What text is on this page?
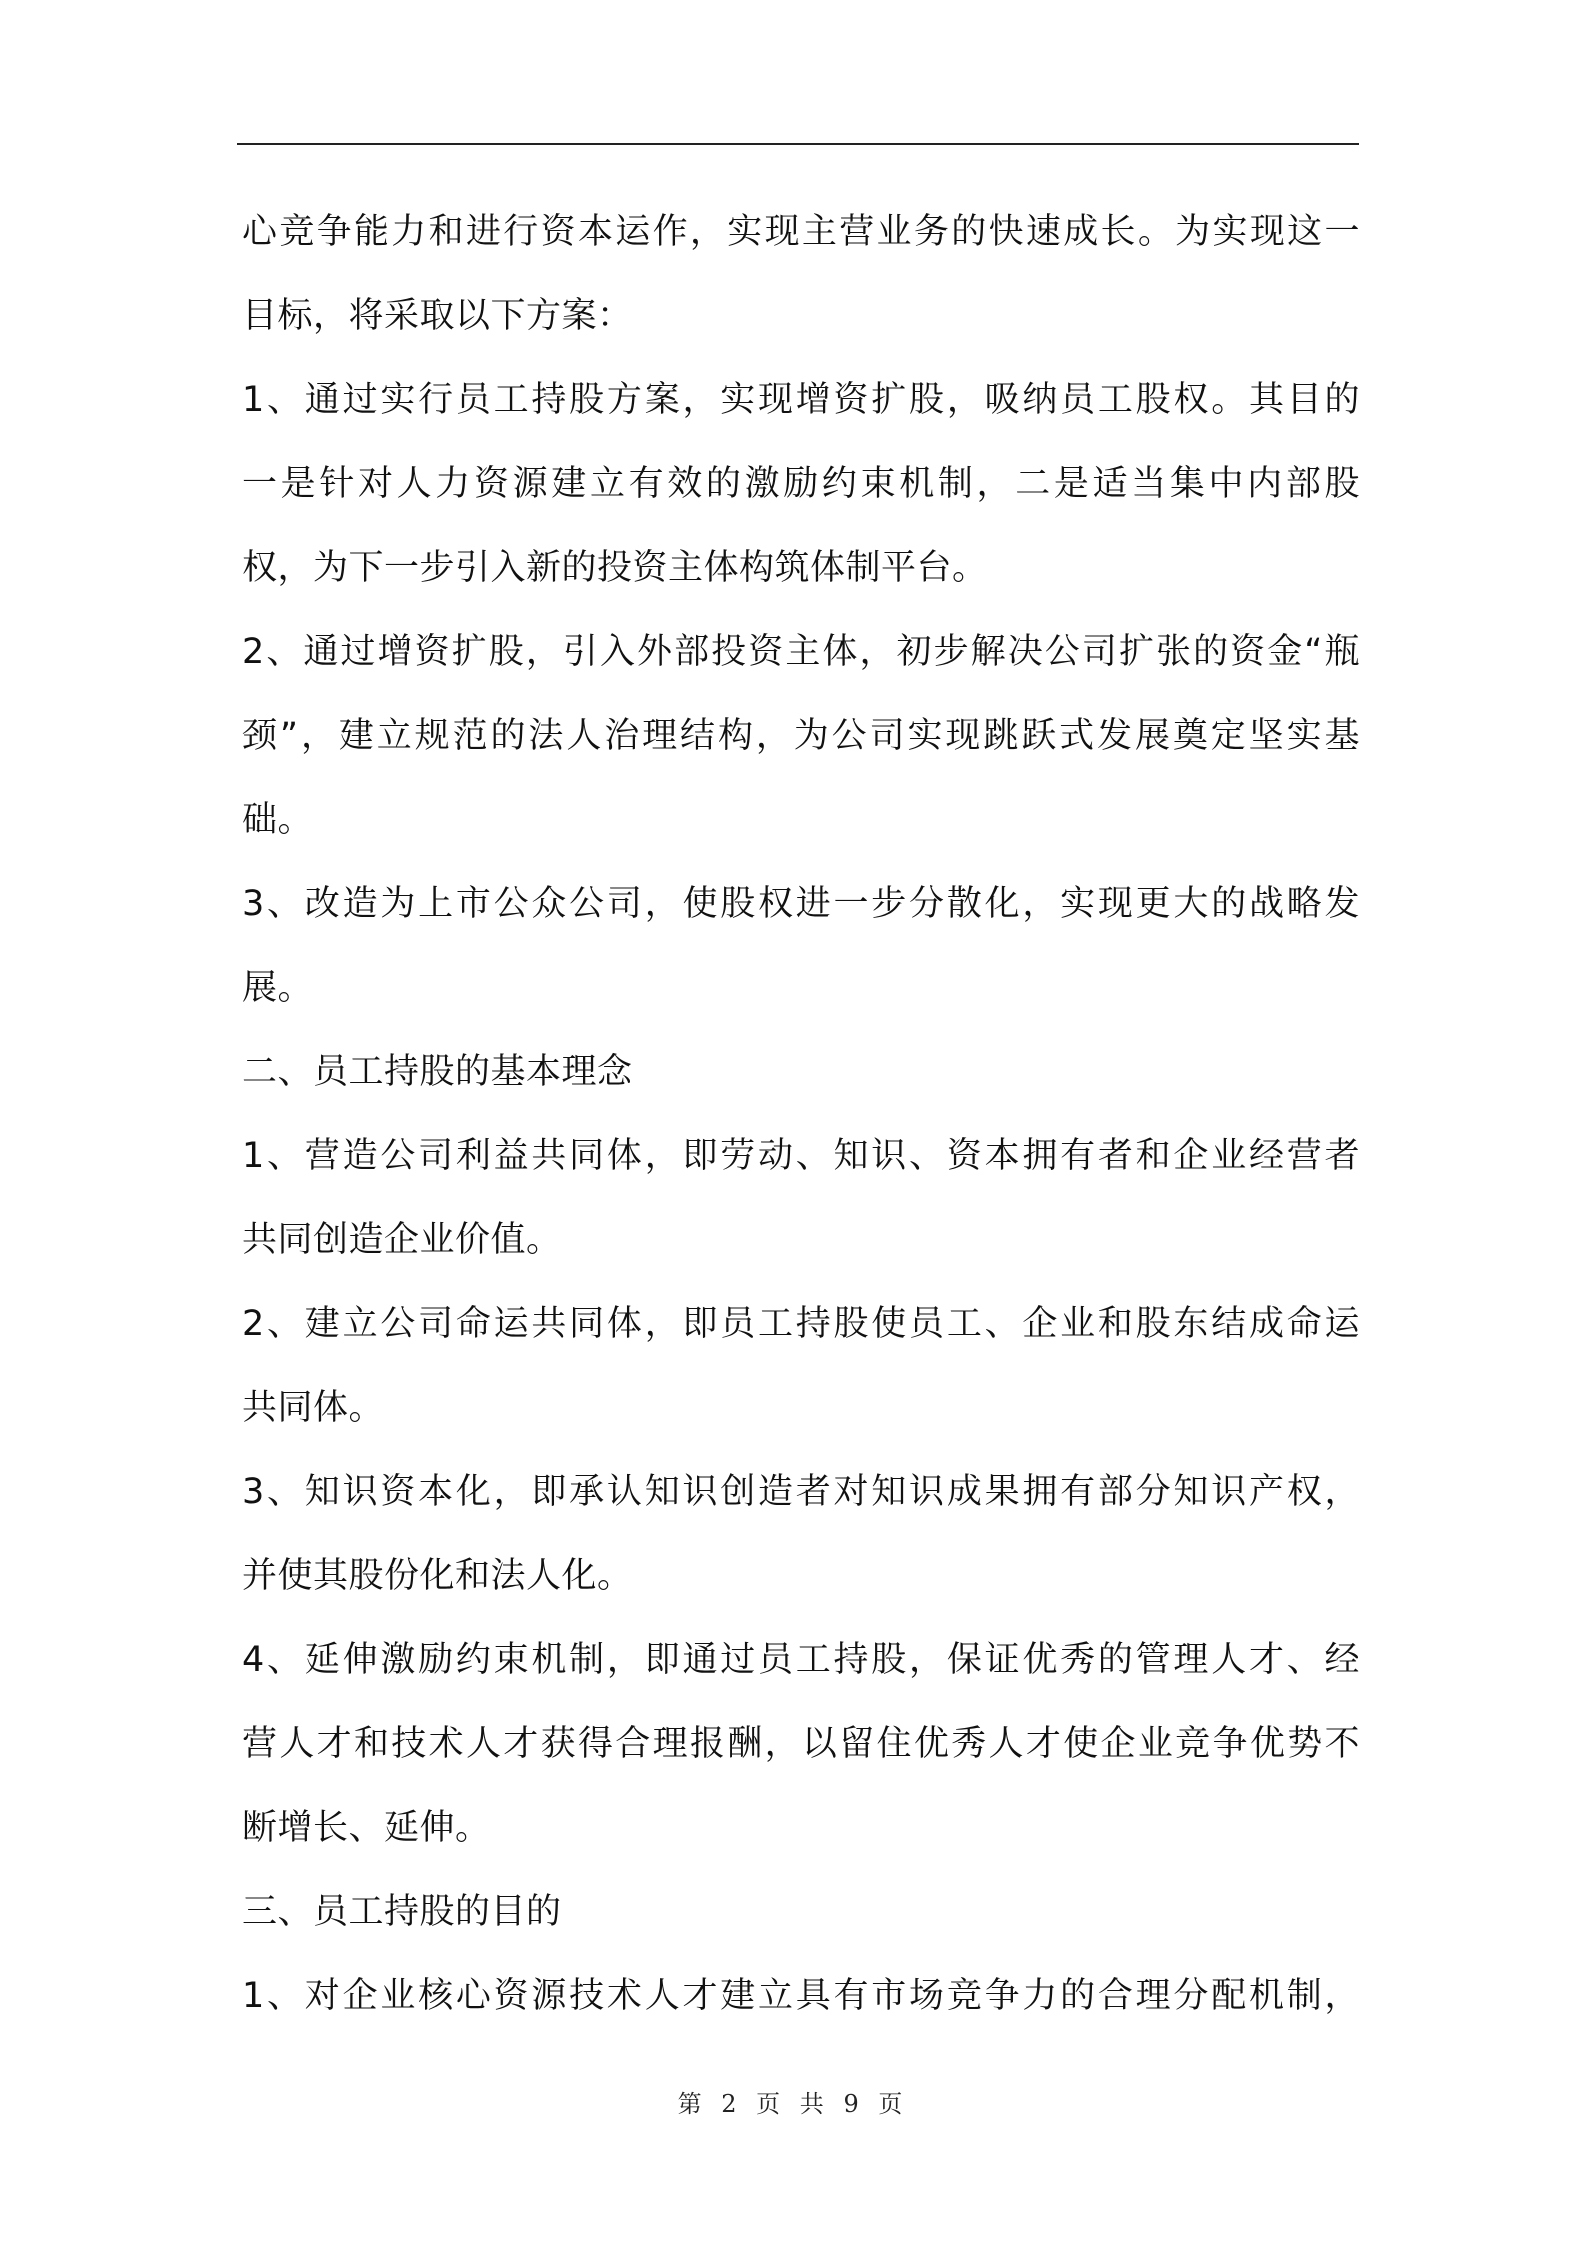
心竞争能力和进行资本运作，实现主营业务的快速成长。为实现这一
目标，将采取以下方案：
1、通过实行员工持股方案，实现增资扩股，吸纳员工股权。其目的
一是针对人力资源建立有效的激励约束机制，二是适当集中内部股
权，为下一步引入新的投资主体构筑体制平台。
2、通过增资扩股，引入外部投资主体，初步解决公司扩张的资金“瓶
颈”，建立规范的法人治理结构，为公司实现跳跃式发展奠定坚实基
础。
3、改造为上市公众公司，使股权进一步分散化，实现更大的战略发
展。
二、员工持股的基本理念
1、营造公司利益共同体，即劳动、知识、资本拥有者和企业经营者
共同创造企业价值。
2、建立公司命运共同体，即员工持股使员工、企业和股东结成命运
共同体。
3、知识资本化，即承认知识创造者对知识成果拥有部分知识产权，
并使其股份化和法人化。
4、延伸激励约束机制，即通过员工持股，保证优秀的管理人才、经
营人才和技术人才获得合理报酬，以留住优秀人才使企业竞争优势不
断增长、延伸。
三、员工持股的目的
1、对企业核心资源技术人才建立具有市场竞争力的合理分配机制，
第 2 页 共 9 页
